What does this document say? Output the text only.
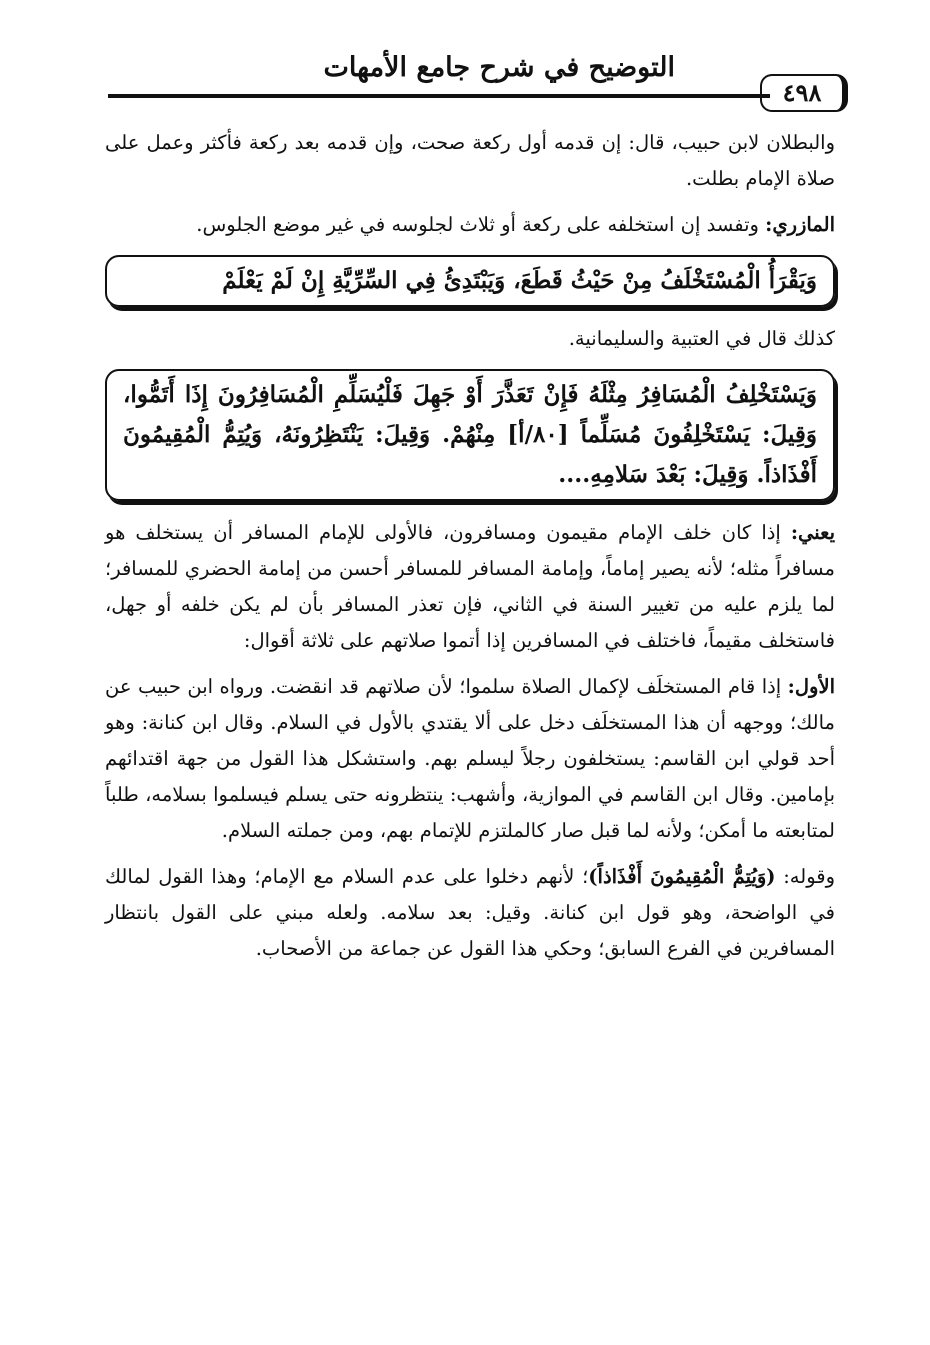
التوضيح في شرح جامع الأمهات
٤٩٨

والبطلان لابن حبيب، قال: إن قدمه أول ركعة صحت، وإن قدمه بعد ركعة فأكثر وعمل على صلاة الإمام بطلت.

المازري: وتفسد إن استخلفه على ركعة أو ثلاث لجلوسه في غير موضع الجلوس.

وَيَقْرَأُ الْمُسْتَخْلَفُ مِنْ حَيْثُ قَطَعَ، وَيَبْتَدِئُ فِي السِّرِّيَّةِ إِنْ لَمْ يَعْلَمْ

كذلك قال في العتبية والسليمانية.

وَيَسْتَخْلِفُ الْمُسَافِرُ مِثْلَهُ فَإِنْ تَعَذَّرَ أَوْ جَهِلَ فَلْيُسَلِّمِ الْمُسَافِرُونَ إِذَا أَتَمُّوا، وَقِيلَ: يَسْتَخْلِفُونَ مُسَلِّماً [٨٠/أ] مِنْهُمْ. وَقِيلَ: يَنْتَظِرُونَهُ، وَيُتِمُّ الْمُقِيمُونَ أَفْذَاذاً. وَقِيلَ: بَعْدَ سَلامِهِ....

يعني: إذا كان خلف الإمام مقيمون ومسافرون، فالأولى للإمام المسافر أن يستخلف هو مسافراً مثله؛ لأنه يصير إماماً، وإمامة المسافر للمسافر أحسن من إمامة الحضري للمسافر؛ لما يلزم عليه من تغيير السنة في الثاني، فإن تعذر المسافر بأن لم يكن خلفه أو جهل، فاستخلف مقيماً، فاختلف في المسافرين إذا أتموا صلاتهم على ثلاثة أقوال:

الأول: إذا قام المستخلَف لإكمال الصلاة سلموا؛ لأن صلاتهم قد انقضت. ورواه ابن حبيب عن مالك؛ ووجهه أن هذا المستخلَف دخل على ألا يقتدي بالأول في السلام. وقال ابن كنانة: وهو أحد قولي ابن القاسم: يستخلفون رجلاً ليسلم بهم. واستشكل هذا القول من جهة اقتدائهم بإمامين. وقال ابن القاسم في الموازية، وأشهب: ينتظرونه حتى يسلم فيسلموا بسلامه، طلباً لمتابعته ما أمكن؛ ولأنه لما قبل صار كالملتزم للإتمام بهم، ومن جملته السلام.

وقوله: (وَيُتِمُّ الْمُقِيمُونَ أَفْذَاذاً)؛ لأنهم دخلوا على عدم السلام مع الإمام؛ وهذا القول لمالك في الواضحة، وهو قول ابن كنانة. وقيل: بعد سلامه. ولعله مبني على القول بانتظار المسافرين في الفرع السابق؛ وحكي هذا القول عن جماعة من الأصحاب.
